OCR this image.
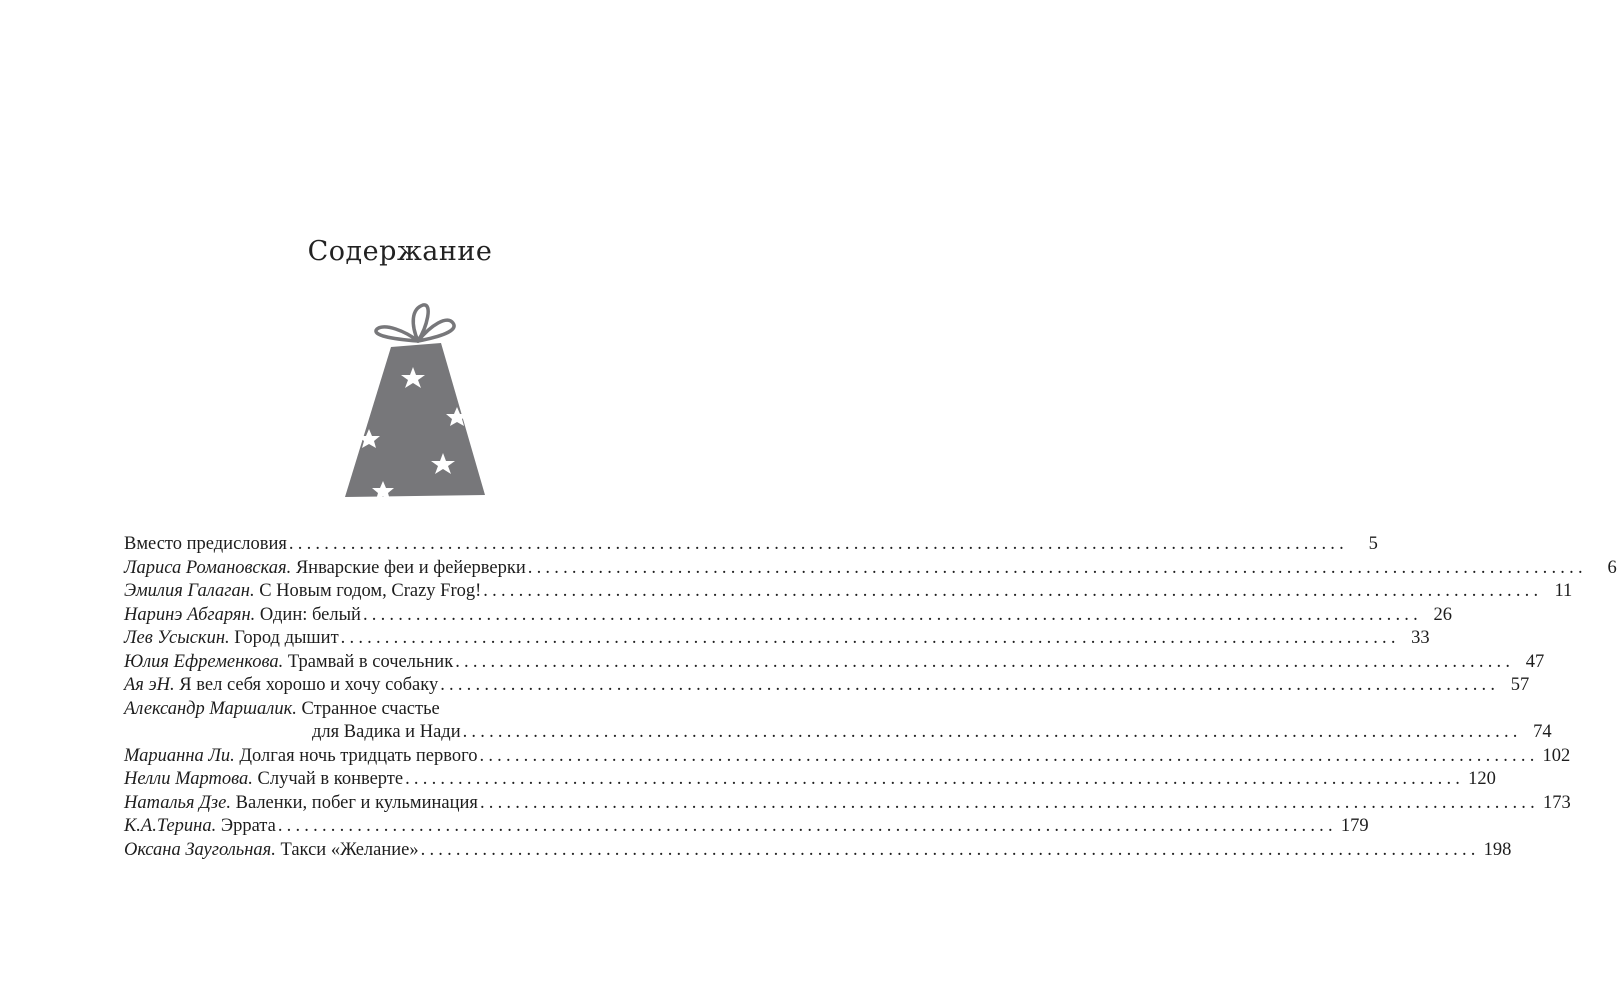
Содержание
Вместо предисловия ........................................................................................................................	5
Лариса Романовская. Январские феи и фейерверки ........................................................................................................................	6
Эмилия Галаган. С Новым годом, Crazy Frog! ........................................................................................................................ 11
Наринэ Абгарян. Один: белый ........................................................................................................................ 26
Лев Усыскин. Город дышит ........................................................................................................................ 33
Юлия Ефременкова. Трамвай в сочельник ........................................................................................................................ 47
Ая эН. Я вел себя хорошо и хочу собаку ........................................................................................................................ 57
Александр Маршалик. Странное счастье
для Вадика и Нади ........................................................................................................................ 74
Марианна Ли. Долгая ночь тридцать первого ........................................................................................................................ 102
Нелли Мартова. Случай в конверте ........................................................................................................................ 120
Наталья Дзе. Валенки, побег и кульминация ........................................................................................................................ 173
К.А.Терина. Эррата ........................................................................................................................ 179
Оксана Заугольная. Такси «Желание» ........................................................................................................................ 198
